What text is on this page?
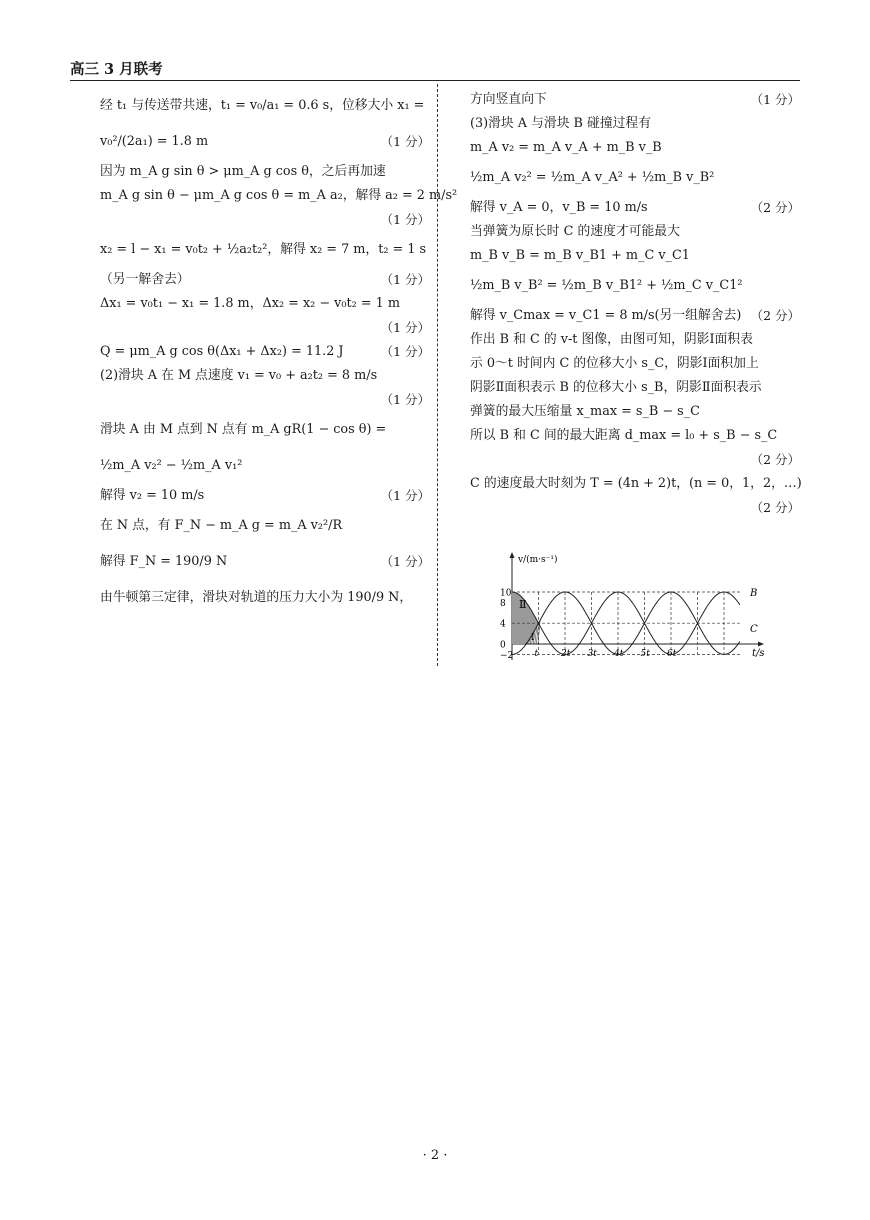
高三 3 月联考
经 t₁ 与传送带共速，t₁ = v₀/a₁ = 0.6 s，位移大小 x₁ =
v₀²/(2a₁) = 1.8 m	（1 分）
因为 m_A g sin θ > μm_A g cos θ，之后再加速
m_A g sin θ − μm_A g cos θ = m_A a₂，解得 a₂ = 2 m/s²
（1 分）
x₂ = l − x₁ = v₀t₂ + ½a₂t₂²，解得 x₂ = 7 m，t₂ = 1 s
（另一解舍去）	（1 分）
Δx₁ = v₀t₁ − x₁ = 1.8 m，Δx₂ = x₂ − v₀t₂ = 1 m
（1 分）
Q = μm_A g cos θ(Δx₁ + Δx₂) = 11.2 J	（1 分）
(2)滑块 A 在 M 点速度 v₁ = v₀ + a₂t₂ = 8 m/s
（1 分）
滑块 A 由 M 点到 N 点有 m_A gR(1 − cos θ) =
½m_A v₂² − ½m_A v₁²
解得 v₂ = 10 m/s	（1 分）
在 N 点，有 F_N − m_A g = m_A v₂²/R
解得 F_N = 190/9 N	（1 分）
由牛顿第三定律，滑块对轨道的压力大小为 190/9 N，
方向竖直向下	（1 分）
(3)滑块 A 与滑块 B 碰撞过程有
m_A v₂ = m_A v_A + m_B v_B
½m_A v₂² = ½m_A v_A² + ½m_B v_B²
解得 v_A = 0，v_B = 10 m/s	（2 分）
当弹簧为原长时 C 的速度才可能最大
m_B v_B = m_B v_B1 + m_C v_C1
½m_B v_B² = ½m_B v_B1² + ½m_C v_C1²
解得 v_Cmax = v_C1 = 8 m/s(另一组解舍去) （2 分）
作出 B 和 C 的 v-t 图像，由图可知，阴影Ⅰ面积表
示 0～t 时间内 C 的位移大小 s_C，阴影Ⅰ面积加上
阴影Ⅱ面积表示 B 的位移大小 s_B，阴影Ⅱ面积表示
弹簧的最大压缩量 x_max = s_B − s_C
所以 B 和 C 间的最大距离 d_max = l₀ + s_B − s_C
（2 分）
C 的速度最大时刻为 T = (4n + 2)t，(n = 0，1，2，…)
（2 分）
10
8
4
0
−2 t	2t 3t 4t 5t 6t
v/(m·s⁻¹)
t/s
Ⅱ
Ⅰ
B
C
· 2 ·
